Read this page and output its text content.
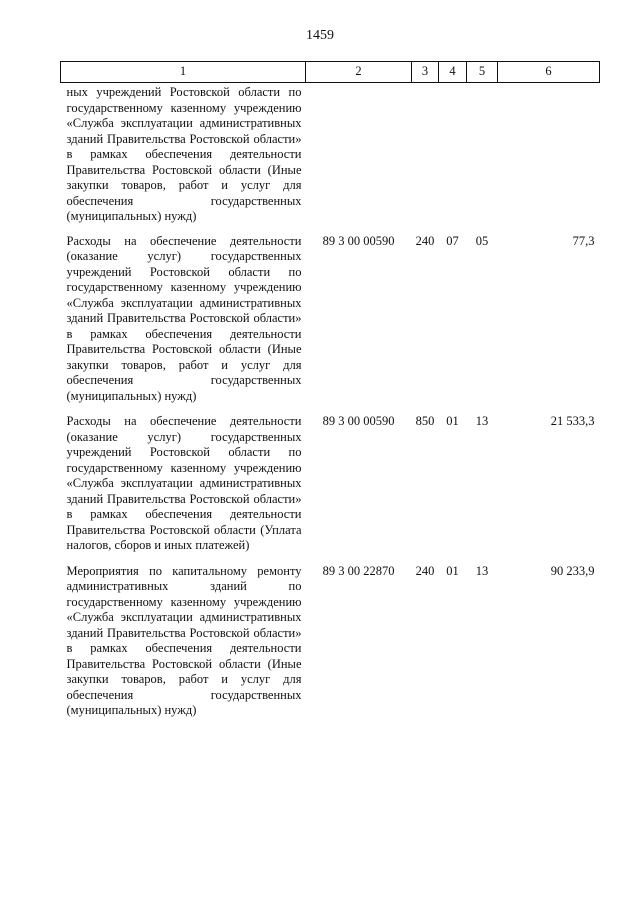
1459
1	2	3	4	5	6
ных учреждений Ростовской области по государственному казенному учреждению «Служба эксплуатации административных зданий Правительства Ростовской области» в рамках обеспечения деятельности Правительства Ростовской области (Иные закупки товаров, работ и услуг для обеспечения государственных (муниципальных) нужд)					
Расходы на обеспечение деятельности (оказание услуг) государственных учреждений Ростовской области по государственному казенному учреждению «Служба эксплуатации административных зданий Правительства Ростовской области» в рамках обеспечения деятельности Правительства Ростовской области (Иные закупки товаров, работ и услуг для обеспечения государственных (муниципальных) нужд)	89 3 00 00590	240	07	05	77,3
Расходы на обеспечение деятельности (оказание услуг) государственных учреждений Ростовской области по государственному казенному учреждению «Служба эксплуатации административных зданий Правительства Ростовской области» в рамках обеспечения деятельности Правительства Ростовской области (Уплата налогов, сборов и иных платежей)	89 3 00 00590	850	01	13	21 533,3
Мероприятия по капитальному ремонту административных зданий по государственному казенному учреждению «Служба эксплуатации административных зданий Правительства Ростовской области» в рамках обеспечения деятельности Правительства Ростовской области (Иные закупки товаров, работ и услуг для обеспечения государственных (муниципальных) нужд)	89 3 00 22870	240	01	13	90 233,9
